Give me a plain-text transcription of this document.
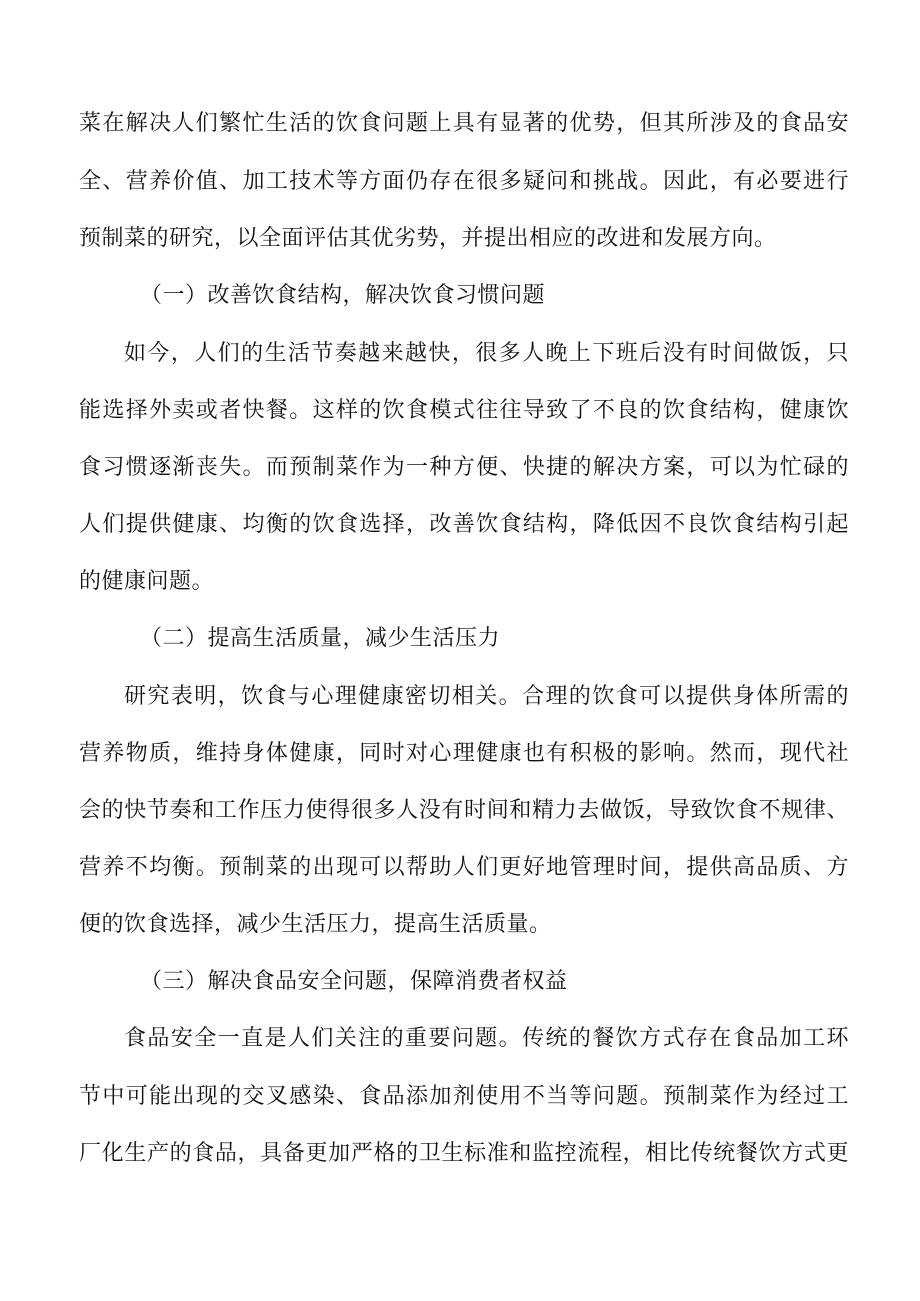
菜在解决人们繁忙生活的饮食问题上具有显著的优势，但其所涉及的食品安
全、营养价值、加工技术等方面仍存在很多疑问和挑战。因此，有必要进行
预制菜的研究，以全面评估其优劣势，并提出相应的改进和发展方向。
（一）改善饮食结构，解决饮食习惯问题
如今，人们的生活节奏越来越快，很多人晚上下班后没有时间做饭，只
能选择外卖或者快餐。这样的饮食模式往往导致了不良的饮食结构，健康饮
食习惯逐渐丧失。而预制菜作为一种方便、快捷的解决方案，可以为忙碌的
人们提供健康、均衡的饮食选择，改善饮食结构，降低因不良饮食结构引起
的健康问题。
（二）提高生活质量，减少生活压力
研究表明，饮食与心理健康密切相关。合理的饮食可以提供身体所需的
营养物质，维持身体健康，同时对心理健康也有积极的影响。然而，现代社
会的快节奏和工作压力使得很多人没有时间和精力去做饭，导致饮食不规律、
营养不均衡。预制菜的出现可以帮助人们更好地管理时间，提供高品质、方
便的饮食选择，减少生活压力，提高生活质量。
（三）解决食品安全问题，保障消费者权益
食品安全一直是人们关注的重要问题。传统的餐饮方式存在食品加工环
节中可能出现的交叉感染、食品添加剂使用不当等问题。预制菜作为经过工
厂化生产的食品，具备更加严格的卫生标准和监控流程，相比传统餐饮方式更
